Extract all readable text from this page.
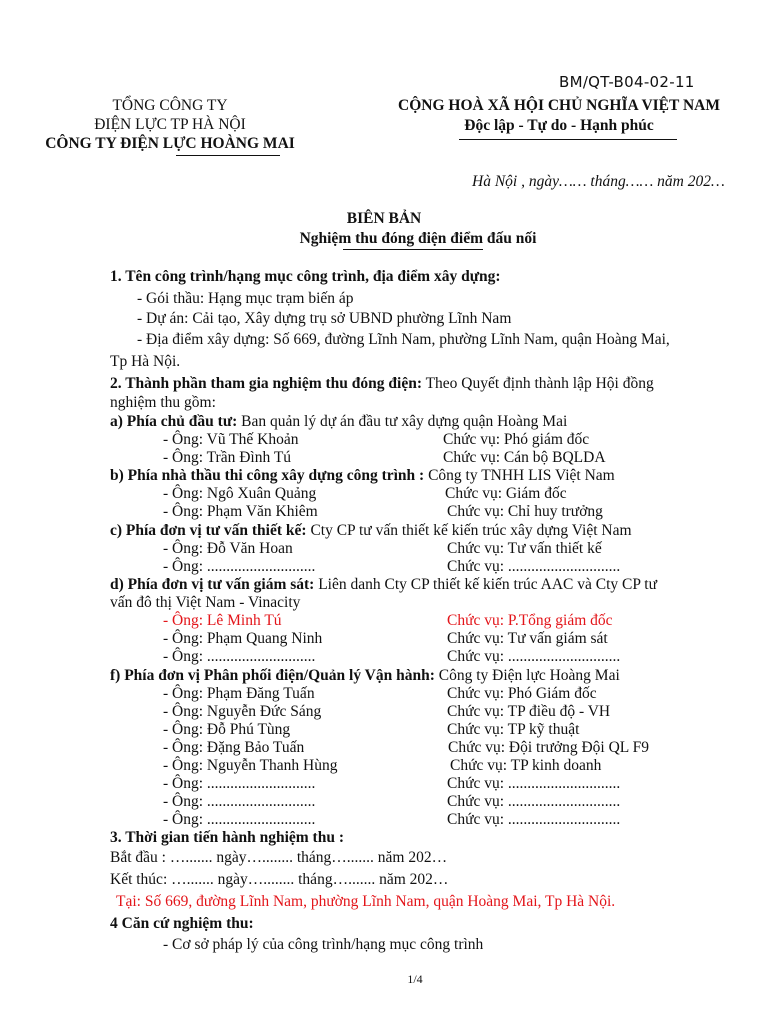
BM/QT-B04-02-11
TỔNG CÔNG TY
ĐIỆN LỰC TP HÀ NỘI
CÔNG TY ĐIỆN LỰC HOÀNG MAI
CỘNG HOÀ XÃ HỘI CHỦ NGHĨA VIỆT NAM
Độc lập - Tự do - Hạnh phúc
Hà Nội , ngày…… tháng…… năm 202…
BIÊN BẢN
Nghiệm thu đóng điện điểm đấu nối
1. Tên công trình/hạng mục công trình, địa điểm xây dựng:
- Gói thầu: Hạng mục trạm biến áp
- Dự án: Cải tạo, Xây dựng trụ sở UBND phường Lĩnh Nam
- Địa điểm xây dựng: Số 669, đường Lĩnh Nam, phường Lĩnh Nam, quận Hoàng Mai,
Tp Hà Nội.
2. Thành phần tham gia nghiệm thu đóng điện: Theo Quyết định thành lập Hội đồng
nghiệm thu gồm:
a) Phía chủ đầu tư: Ban quản lý dự án đầu tư xây dựng quận Hoàng Mai
- Ông: Vũ Thế Khoản	Chức vụ: Phó giám đốc
- Ông: Trần Đình Tú	Chức vụ: Cán bộ BQLDA
b) Phía nhà thầu thi công xây dựng công trình : Công ty TNHH LIS Việt Nam
- Ông: Ngô Xuân Quảng	Chức vụ: Giám đốc
- Ông: Phạm Văn Khiêm	Chức vụ: Chỉ huy trưởng
c) Phía đơn vị tư vấn thiết kế: Cty CP tư vấn thiết kế kiến trúc xây dựng Việt Nam
- Ông: Đỗ Văn Hoan	Chức vụ: Tư vấn thiết kế
- Ông: ............................	Chức vụ: .............................
d) Phía đơn vị tư vấn giám sát: Liên danh Cty CP thiết kế kiến trúc AAC và Cty CP tư
vấn đô thị Việt Nam - Vinacity
- Ông: Lê Minh Tú	Chức vụ: P.Tổng giám đốc
- Ông: Phạm Quang Ninh	Chức vụ: Tư vấn giám sát
- Ông: ............................	Chức vụ: .............................
f) Phía đơn vị Phân phối điện/Quản lý Vận hành: Công ty Điện lực Hoàng Mai
- Ông: Phạm Đăng Tuấn	Chức vụ: Phó Giám đốc
- Ông: Nguyễn Đức Sáng	Chức vụ: TP điều độ - VH
- Ông: Đỗ Phú Tùng	Chức vụ: TP kỹ thuật
- Ông: Đặng Bảo Tuấn	Chức vụ: Đội trưởng Đội QL F9
- Ông: Nguyễn Thanh Hùng	Chức vụ: TP kinh doanh
- Ông: ............................	Chức vụ: .............................
- Ông: ............................	Chức vụ: .............................
- Ông: ............................	Chức vụ: .............................
3. Thời gian tiến hành nghiệm thu :
Bắt đầu : …....... ngày…........ tháng…....... năm 202…
Kết thúc: …....... ngày…........ tháng…....... năm 202…
Tại: Số 669, đường Lĩnh Nam, phường Lĩnh Nam, quận Hoàng Mai, Tp Hà Nội.
4 Căn cứ nghiệm thu:
- Cơ sở pháp lý của công trình/hạng mục công trình
1/4
